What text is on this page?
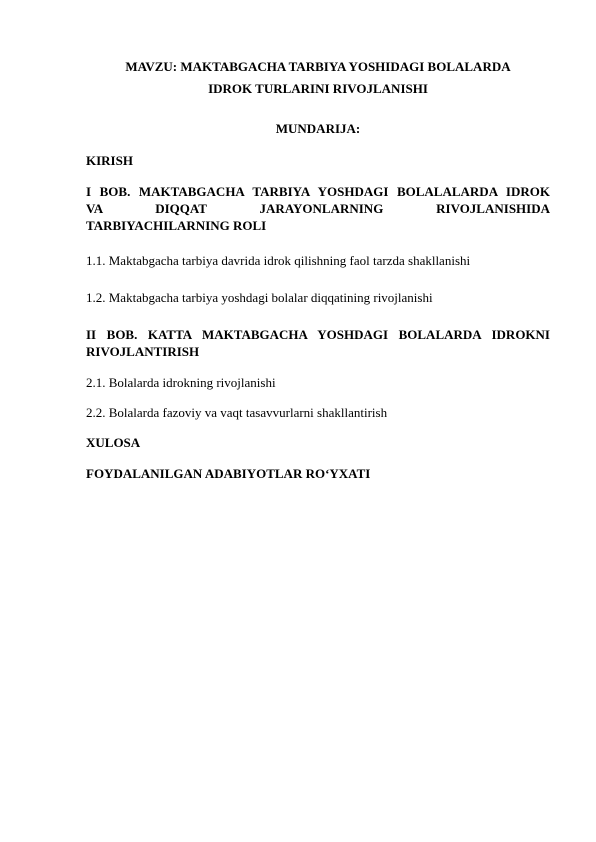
MAVZU: MAKTABGACHA TARBIYA YOSHIDAGI BOLALARDA
IDROK TURLARINI RIVOJLANISHI
MUNDARIJA:
KIRISH
I BOB. MAKTABGACHA TARBIYA YOSHDAGI BOLALALARDA IDROK
VA DIQQAT JARAYONLARNING RIVOJLANISHIDA
TARBIYACHILARNING ROLI
1.1. Maktabgacha tarbiya davrida idrok qilishning faol tarzda shakllanishi
1.2. Maktabgacha tarbiya yoshdagi bolalar diqqatining rivojlanishi
II BOB. KATTA MAKTABGACHA YOSHDAGI BOLALARDA IDROKNI
RIVOJLANTIRISH
2.1. Bolalarda idrokning rivojlanishi
2.2. Bolalarda fazoviy va vaqt tasavvurlarni shakllantirish
XULOSA
FOYDALANILGAN ADABIYOTLAR RO‘YXATI
